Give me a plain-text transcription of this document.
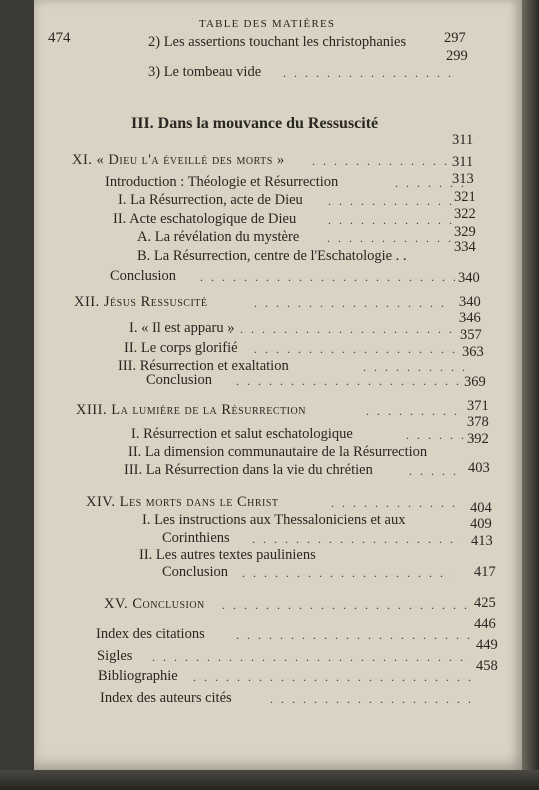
474
TABLE DES MATIÈRES
2) Les assertions touchant les christophanies	297
3) Le tombeau vide
. . .
299
III. Dans la mouvance du Ressuscité
XI. « Dieu l'a éveillé des morts »
. . .
311
Introduction : Théologie et Résurrection
. . .
311
I. La Résurrection, acte de Dieu
. . .
313
II. Acte eschatologique de Dieu
. . .
321
A. La révélation du mystère
. . .
322
B. La Résurrection, centre de l'Eschatologie . .
329
Conclusion
. . .
334
XII. Jésus Ressuscité
. . .
340
I. « Il est apparu »
. . .
340
II. Le corps glorifié
. . .
346
III. Résurrection et exaltation
. . .
357
Conclusion
. . .
363
XIII. La lumière de la Résurrection
. . .
369
I. Résurrection et salut eschatologique
. . .
371
II. La dimension communautaire de la Résurrection
378
III. La Résurrection dans la vie du chrétien
. . .
392
XIV. Les morts dans le Christ
. . .
403
I. Les instructions aux Thessaloniciens et aux
Corinthiens
. . .
404
II. Les autres textes pauliniens
409
Conclusion
. . .
413
XV. Conclusion
. . .
417
Index des citations
. . .
425
Sigles
. . .
446
Bibliographie
. . .
449
Index des auteurs cités
. . .
458
